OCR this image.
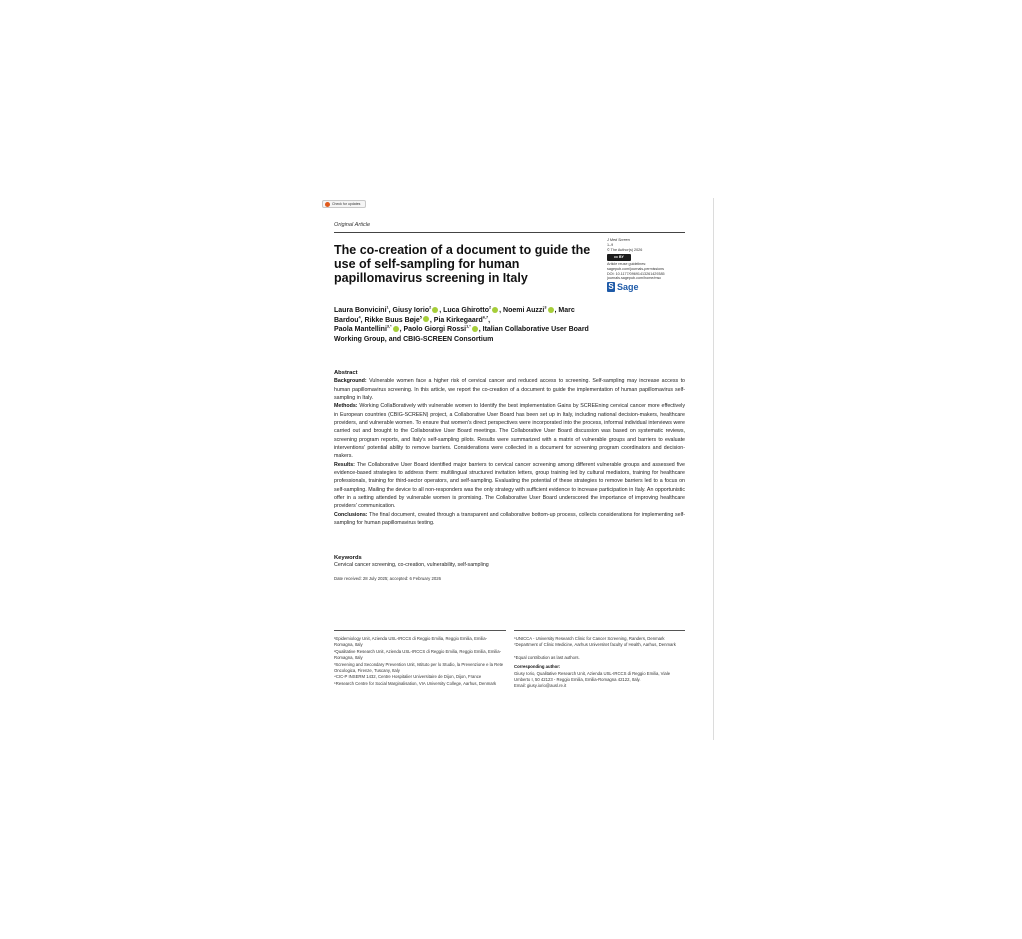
Check for updates
Original Article
The co-creation of a document to guide the use of self-sampling for human papillomavirus screening in Italy
J Med Screen
1–9
© The Author(s) 2026
cc BY
Article reuse guidelines:
sagepub.com/journals-permissions
DOI: 10.1177/09691413261429385
journals.sagepub.com/home/msc
S Sage
Laura Bonvicini$^1$, Giusy Iorio$^2$ , Luca Ghirotto$^2$ , Noemi Auzzi$^3$ , Marc Bardou$^4$, Rikke Buus Bøje$^5$ , Pia Kirkegaard$^{6,7}$,
Paola Mantellini$^{3,*}$ , Paolo Giorgi Rossi$^{1,*}$ , Italian Collaborative User Board Working Group, and CBIG-SCREEN Consortium
Abstract

Background: Vulnerable women face a higher risk of cervical cancer and reduced access to screening. Self-sampling may increase access to human papillomavirus screening. In this article, we report the co-creation of a document to guide the implementation of human papillomavirus self-sampling in Italy.

Methods: Working CollaBoratively with vulnerable women to Identify the best implementation Gains by SCREEning cervical cancer more effectively in European countries (CBIG-SCREEN) project, a Collaborative User Board has been set up in Italy, including national decision-makers, healthcare providers, and vulnerable women. To ensure that women's direct perspectives were incorporated into the process, informal individual interviews were carried out and brought to the Collaborative User Board meetings. The Collaborative User Board discussion was based on systematic reviews, screening program reports, and Italy's self-sampling pilots. Results were summarized with a matrix of vulnerable groups and barriers to evaluate interventions' potential ability to remove barriers. Considerations were collected in a document for screening program coordinators and decision-makers.

Results: The Collaborative User Board identified major barriers to cervical cancer screening among different vulnerable groups and assessed five evidence-based strategies to address them: multilingual structured invitation letters, group training led by cultural mediators, training for healthcare professionals, training for third-sector operators, and self-sampling. Evaluating the potential of these strategies to remove barriers led to a focus on self-sampling. Mailing the device to all non-responders was the only strategy with sufficient evidence to increase participation in Italy. An opportunistic offer in a setting attended by vulnerable women is promising. The Collaborative User Board underscored the importance of improving healthcare providers' communication.

Conclusions: The final document, created through a transparent and collaborative bottom-up process, collects considerations for implementing self-sampling for human papillomavirus testing.

Keywords

Cervical cancer screening, co-creation, vulnerability, self-sampling

Date received: 28 July 2025; accepted: 6 February 2026

¹Epidemiology Unit, Azienda USL-IRCCS di Reggio Emilia, Reggio Emilia, Emilia-Romagna, Italy

²Qualitative Research Unit, Azienda USL-IRCCS di Reggio Emilia, Reggio Emilia, Emilia-Romagna, Italy

³Screening and Secondary Prevention Unit, Istituto per lo Studio, la Prevenzione e la Rete Oncologica, Firenze, Tuscany, Italy

⁴CIC-P INSERM 1432, Centre Hospitalier Universitaire de Dijon, Dijon, France

⁵Research Centre for Social Marginalisation, VIA University College, Aarhus, Denmark

⁶UNICCA - University Research Clinic for Cancer Screening, Randers, Denmark

⁷Department of Clinic Medicine, Aarhus Universitet faculty of Health, Aarhus, Denmark

*Equal contribution as last authors.

Corresponding author:

Giusy Iorio, Qualitative Research Unit, Azienda USL-IRCCS di Reggio Emilia, Viale Umberto I, 50 42123 - Reggio Emilia, Emilia-Romagna 42122, Italy.

Email: giusy.iorio@ausl.re.it
